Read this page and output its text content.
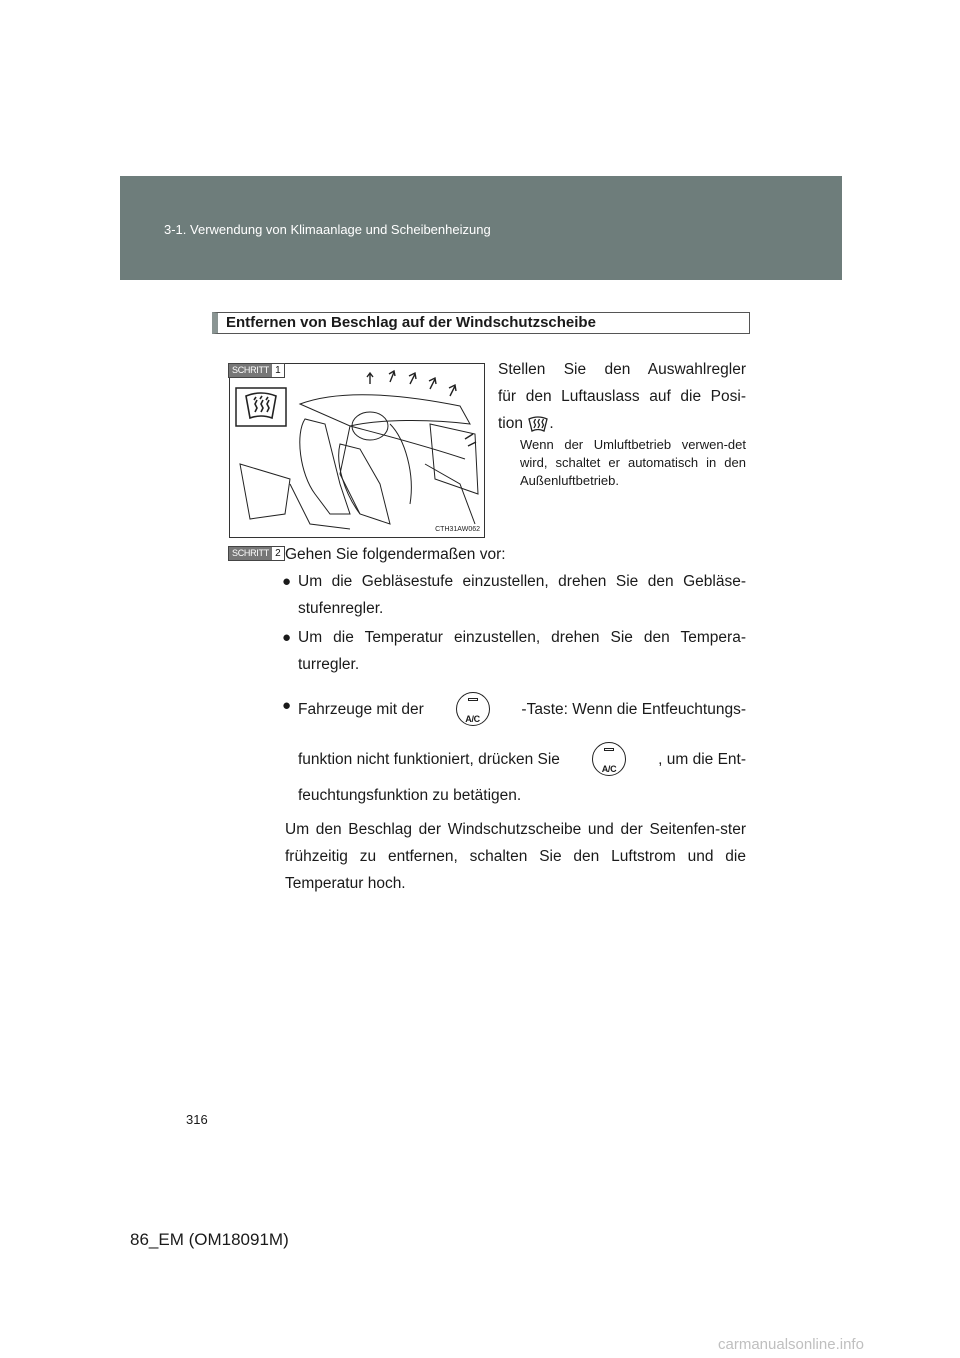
3-1. Verwendung von Klimaanlage und Scheibenheizung
Entfernen von Beschlag auf der Windschutzscheibe
CTH31AW062
SCHRITT 1	Stellen Sie den Auswahlregler
für den Luftauslass auf die Posi-
tion .
Wenn der Umluftbetrieb verwen-det wird, schaltet er automatisch in den Außenluftbetrieb.
SCHRITT 2 Gehen Sie folgendermaßen vor:
● Um die Gebläsestufe einzustellen, drehen Sie den Gebläse-stufenregler.
● Um die Temperatur einzustellen, drehen Sie den Tempera-turregler.
● Fahrzeuge mit der
A/C
-Taste: Wenn die Entfeuchtungs-
funktion nicht funktioniert, drücken Sie
A/C
, um die Ent-
feuchtungsfunktion zu betätigen.
Um den Beschlag der Windschutzscheibe und der Seitenfen-ster frühzeitig zu entfernen, schalten Sie den Luftstrom und die Temperatur hoch.
316
86_EM (OM18091M)
carmanualsonline.info
